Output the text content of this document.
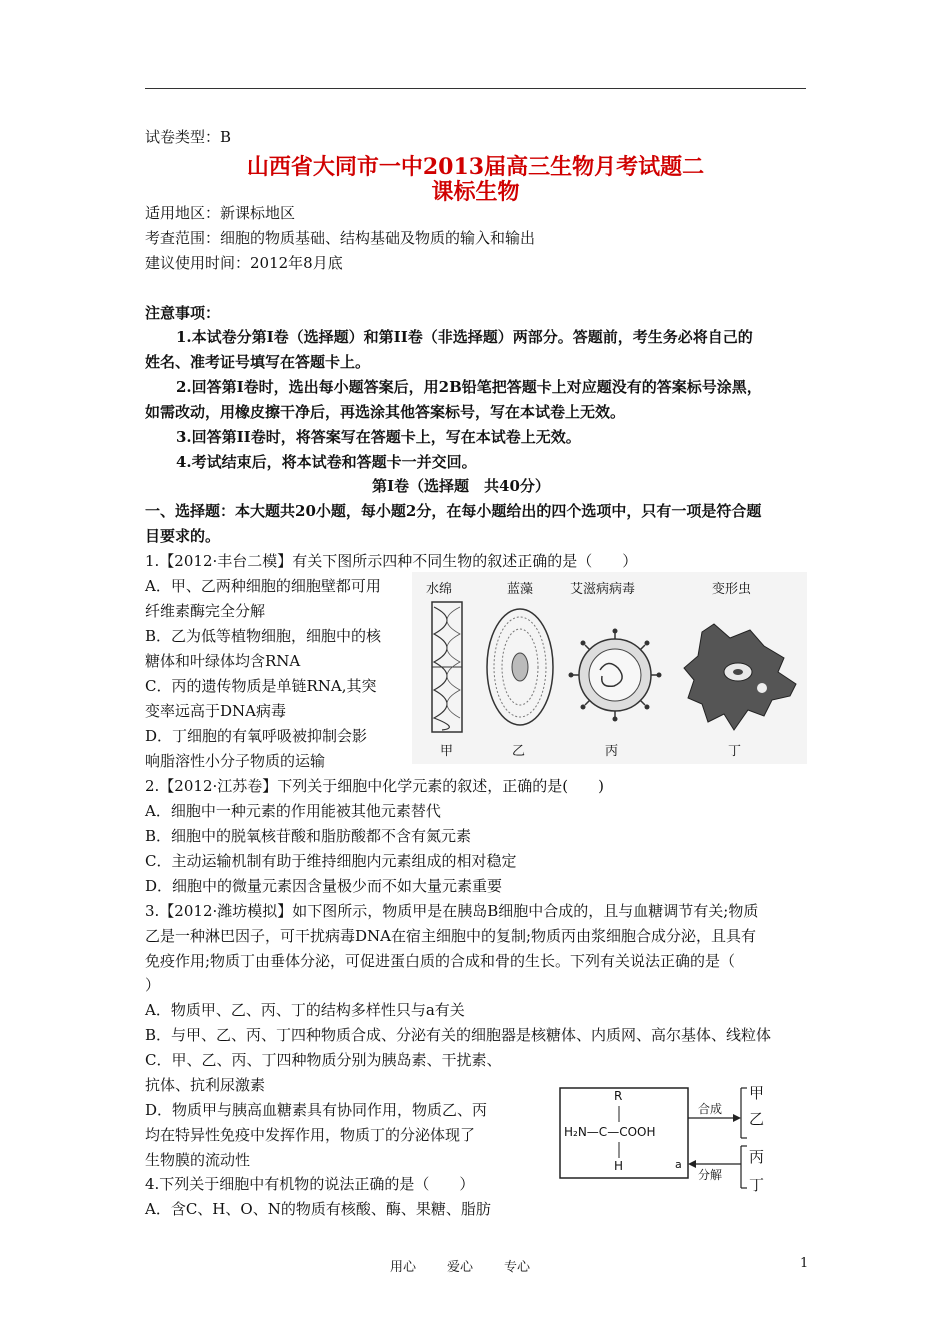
试卷类型：B
山西省大同市一中2013届高三生物月考试题二
课标生物
适用地区：新课标地区
考查范围：细胞的物质基础、结构基础及物质的输入和输出
建议使用时间：2012年8月底
注意事项：
1.本试卷分第Ⅰ卷（选择题）和第II卷（非选择题）两部分。答题前，考生务必将自己的
姓名、准考证号填写在答题卡上。
2.回答第Ⅰ卷时，选出每小题答案后，用2B铅笔把答题卡上对应题没有的答案标号涂黑，
如需改动，用橡皮擦干净后，再选涂其他答案标号，写在本试卷上无效。
3.回答第II卷时，将答案写在答题卡上，写在本试卷上无效。
4.考试结束后，将本试卷和答题卡一并交回。
第Ⅰ卷（选择题　共40分）
一、选择题：本大题共20小题，每小题2分，在每小题给出的四个选项中，只有一项是符合题
目要求的。
1.【2012·丰台二模】有关下图所示四种不同生物的叙述正确的是（　　）
A．甲、乙两种细胞的细胞壁都可用
纤维素酶完全分解
B．乙为低等植物细胞，细胞中的核
糖体和叶绿体均含RNA
C．丙的遗传物质是单链RNA,其突
变率远高于DNA病毒
D．丁细胞的有氧呼吸被抑制会影
响脂溶性小分子物质的运输
水绵	蓝藻	艾滋病病毒	变形虫
甲	乙	丙	丁
2.【2012·江苏卷】下列关于细胞中化学元素的叙述，正确的是(　　)
A．细胞中一种元素的作用能被其他元素替代
B．细胞中的脱氧核苷酸和脂肪酸都不含有氮元素
C．主动运输机制有助于维持细胞内元素组成的相对稳定
D．细胞中的微量元素因含量极少而不如大量元素重要
3.【2012·潍坊模拟】如下图所示，物质甲是在胰岛B细胞中合成的，且与血糖调节有关;物质
乙是一种淋巴因子，可干扰病毒DNA在宿主细胞中的复制;物质丙由浆细胞合成分泌，且具有
免疫作用;物质丁由垂体分泌，可促进蛋白质的合成和骨的生长。下列有关说法正确的是（
）
A．物质甲、乙、丙、丁的结构多样性只与a有关
B．与甲、乙、丙、丁四种物质合成、分泌有关的细胞器是核糖体、内质网、高尔基体、线粒体
C．甲、乙、丙、丁四种物质分别为胰岛素、干扰素、
抗体、抗利尿激素
D．物质甲与胰高血糖素具有协同作用，物质乙、丙
均在特异性免疫中发挥作用，物质丁的分泌体现了
生物膜的流动性
R
H₂N—C—COOH
H	a
合成
分解
甲
乙
丙
丁
4.下列关于细胞中有机物的说法正确的是（　　）
A．含C、H、O、N的物质有核酸、酶、果糖、脂肪
用心 爱心 专心	1
